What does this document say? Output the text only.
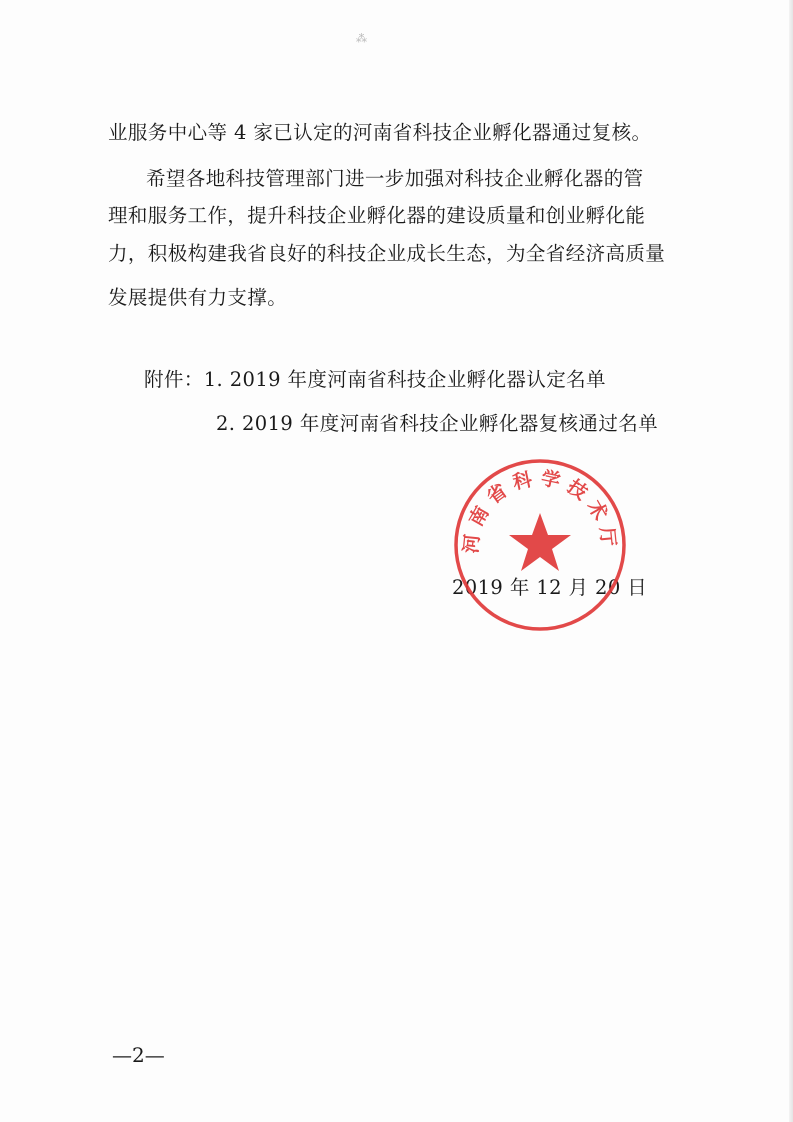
⁂
业服务中心等 4 家已认定的河南省科技企业孵化器通过复核。
希望各地科技管理部门进一步加强对科技企业孵化器的管
理和服务工作，提升科技企业孵化器的建设质量和创业孵化能
力，积极构建我省良好的科技企业成长生态，为全省经济高质量
发展提供有力支撑。
附件：1. 2019 年度河南省科技企业孵化器认定名单
2. 2019 年度河南省科技企业孵化器复核通过名单
2019 年 12 月 20 日
河南省科学技术厅
—2—
